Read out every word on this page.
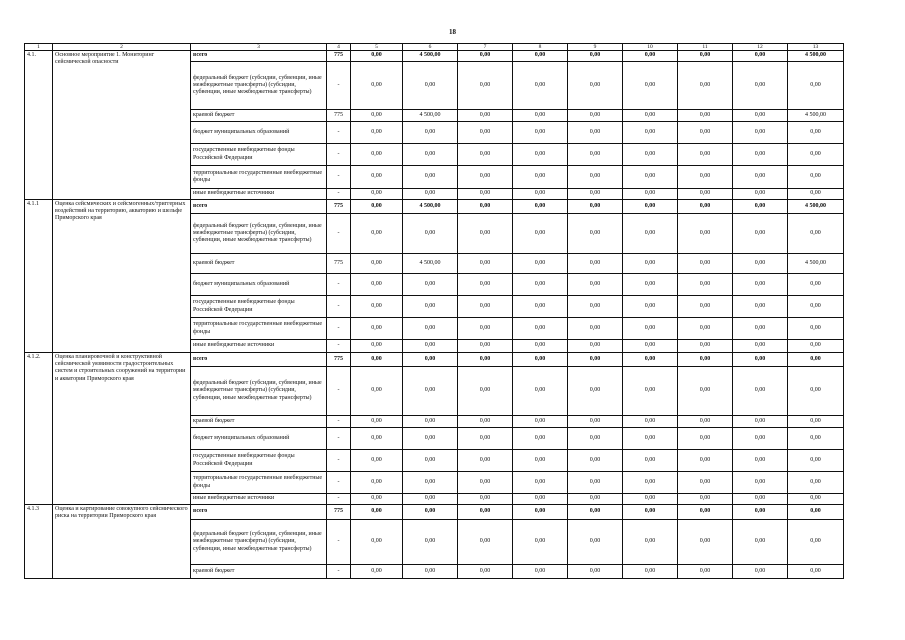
18
1	2	3	4	5	6	7	8	9	10	11	12	13
4.1.	Основное мероприятие 1. Мониторинг сейсмической опасности	всего	775	0,00	4 500,00	0,00	0,00	0,00	0,00	0,00	0,00	4 500,00
		федеральный бюджет (субсидии, субвенции, иные межбюджетные трансферты) (субсидии, субвенции, иные межбюджетные трансферты)	-	0,00	0,00	0,00	0,00	0,00	0,00	0,00	0,00	0,00
		краевой бюджет	775	0,00	4 500,00	0,00	0,00	0,00	0,00	0,00	0,00	4 500,00
		бюджет муниципальных образований	-	0,00	0,00	0,00	0,00	0,00	0,00	0,00	0,00	0,00
		государственные внебюджетные фонды Российской Федерации	-	0,00	0,00	0,00	0,00	0,00	0,00	0,00	0,00	0,00
		территориальные государственные внебюджетные фонды	-	0,00	0,00	0,00	0,00	0,00	0,00	0,00	0,00	0,00
		иные внебюджетные источники	-	0,00	0,00	0,00	0,00	0,00	0,00	0,00	0,00	0,00
4.1.1	Оценка сейсмических и сейсмогенных/триггерных воздействий на территорию, акваторию и шельфе Приморского края	всего	775	0,00	4 500,00	0,00	0,00	0,00	0,00	0,00	0,00	4 500,00
		федеральный бюджет (субсидии, субвенции, иные межбюджетные трансферты) (субсидии, субвенции, иные межбюджетные трансферты)	-	0,00	0,00	0,00	0,00	0,00	0,00	0,00	0,00	0,00
		краевой бюджет	775	0,00	4 500,00	0,00	0,00	0,00	0,00	0,00	0,00	4 500,00
		бюджет муниципальных образований	-	0,00	0,00	0,00	0,00	0,00	0,00	0,00	0,00	0,00
		государственные внебюджетные фонды Российской Федерации	-	0,00	0,00	0,00	0,00	0,00	0,00	0,00	0,00	0,00
		территориальные государственные внебюджетные фонды	-	0,00	0,00	0,00	0,00	0,00	0,00	0,00	0,00	0,00
		иные внебюджетные источники	-	0,00	0,00	0,00	0,00	0,00	0,00	0,00	0,00	0,00
4.1.2.	Оценка планировочной и конструктивной сейсмической уязвимости градостроительных систем и строительных сооружений на территории и акватории Приморского края	всего	775	0,00	0,00	0,00	0,00	0,00	0,00	0,00	0,00	0,00
		федеральный бюджет (субсидии, субвенции, иные межбюджетные трансферты) (субсидии, субвенции, иные межбюджетные трансферты)	-	0,00	0,00	0,00	0,00	0,00	0,00	0,00	0,00	0,00
		краевой бюджет	-	0,00	0,00	0,00	0,00	0,00	0,00	0,00	0,00	0,00
		бюджет муниципальных образований	-	0,00	0,00	0,00	0,00	0,00	0,00	0,00	0,00	0,00
		государственные внебюджетные фонды Российской Федерации	-	0,00	0,00	0,00	0,00	0,00	0,00	0,00	0,00	0,00
		территориальные государственные внебюджетные фонды	-	0,00	0,00	0,00	0,00	0,00	0,00	0,00	0,00	0,00
		иные внебюджетные источники	-	0,00	0,00	0,00	0,00	0,00	0,00	0,00	0,00	0,00
4.1.3	Оценка и картирование совокупного сейсмического риска на территории Приморского края	всего	775	0,00	0,00	0,00	0,00	0,00	0,00	0,00	0,00	0,00
		федеральный бюджет (субсидии, субвенции, иные межбюджетные трансферты) (субсидии, субвенции, иные межбюджетные трансферты)	-	0,00	0,00	0,00	0,00	0,00	0,00	0,00	0,00	0,00
		краевой бюджет	-	0,00	0,00	0,00	0,00	0,00	0,00	0,00	0,00	0,00
